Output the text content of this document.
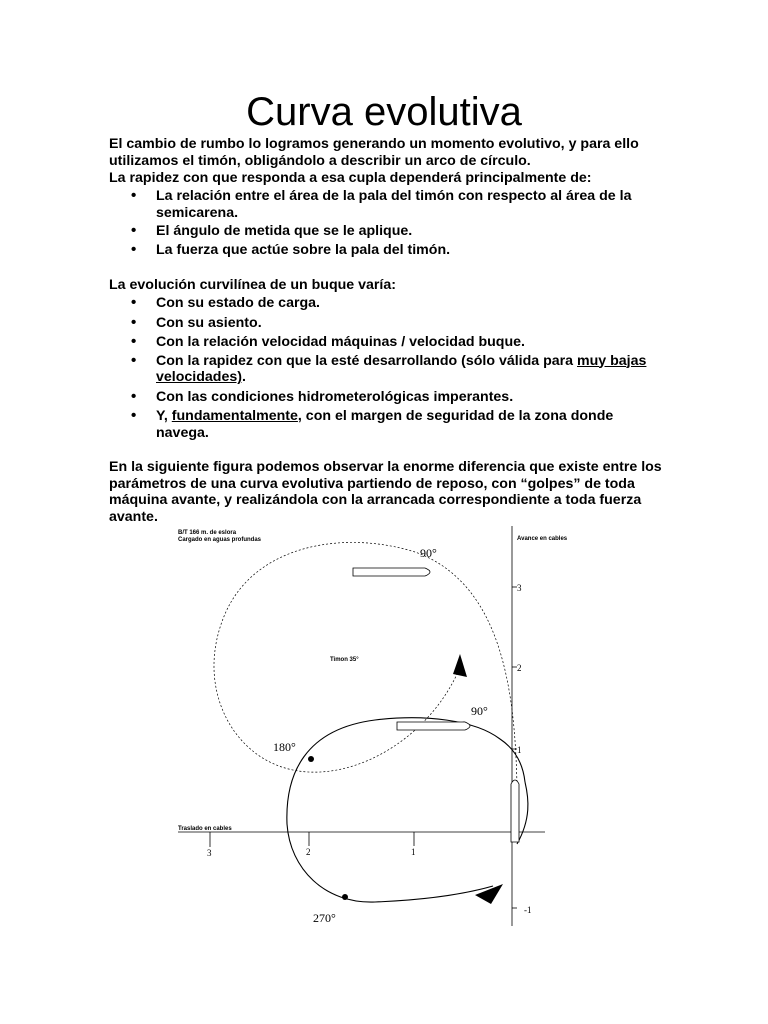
Curva evolutiva

El cambio de rumbo lo logramos generando un momento evolutivo, y para ello utilizamos el timón, obligándolo a describir un arco de círculo.

La rapidez con que responda a esa cupla dependerá principalmente de:

• La relación entre el área de la pala del timón con respecto al área de la semicarena.
• El ángulo de metida que se le aplique.
• La fuerza que actúe sobre la pala del timón.

La evolución curvilínea de un buque varía:

• Con su estado de carga.
• Con su asiento.
• Con la relación velocidad máquinas / velocidad buque.
• Con la rapidez con que la esté desarrollando (sólo válida para muy bajas velocidades).
• Con las condiciones hidrometerológicas imperantes.
• Y, fundamentalmente, con el margen de seguridad de la zona donde navega.

En la siguiente figura podemos observar la enorme diferencia que existe entre los parámetros de una curva evolutiva partiendo de reposo, con “golpes” de toda máquina avante, y realizándola con la arrancada correspondiente a toda fuerza avante.

B/T 166 m. de eslora
Cargado en aguas profundas	Avance en cables
Timon 35°
Traslado en cables
3
2
1
-1
3	2	1
90°
90°
180°
270°
